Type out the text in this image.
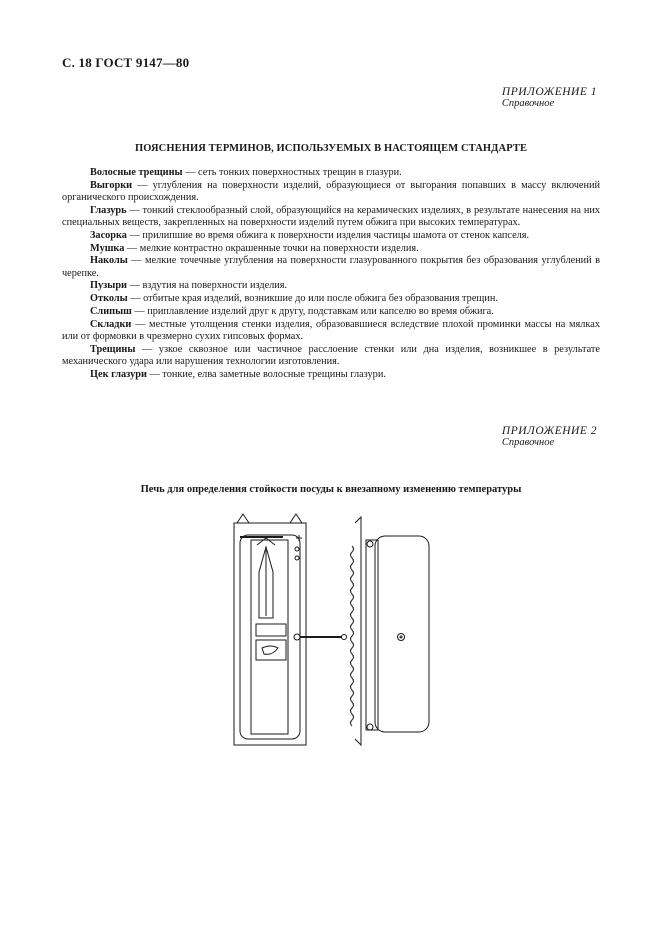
С. 18 ГОСТ 9147—80
ПРИЛОЖЕНИЕ 1
Справочное
ПОЯСНЕНИЯ ТЕРМИНОВ, ИСПОЛЬЗУЕМЫХ В НАСТОЯЩЕМ СТАНДАРТЕ

Волосные трещины — сеть тонких поверхностных трещин в глазури.

Выгорки — углубления на поверхности изделий, образующиеся от выгорания попавших в массу включений органического происхождения.

Глазурь — тонкий стеклообразный слой, образующийся на керамических изделиях, в результате нанесения на них специальных веществ, закрепленных на поверхности изделий путем обжига при высоких температурах.

Засорка — прилипшие во время обжига к поверхности изделия частицы шамота от стенок капселя.

Мушка — мелкие контрастно окрашенные точки на поверхности изделия.

Наколы — мелкие точечные углубления на поверхности глазурованного покрытия без образования углублений в черепке.

Пузыри — вздутия на поверхности изделия.

Отколы — отбитые края изделий, возникшие до или после обжига без образования трещин.

Слипыш — приплавление изделий друг к другу, подставкам или капселю во время обжига.

Складки — местные утолщения стенки изделия, образовавшиеся вследствие плохой проминки массы на мялках или от формовки в чрезмерно сухих гипсовых формах.

Трещины — узкое сквозное или частичное расслоение стенки или дна изделия, возникшее в результате механического удара или нарушения технологии изготовления.

Цек глазури — тонкие, елва заметные волосные трещины глазури.

ПРИЛОЖЕНИЕ 2
Справочное
Печь для определения стойкости посуды к внезапному изменению температуры
